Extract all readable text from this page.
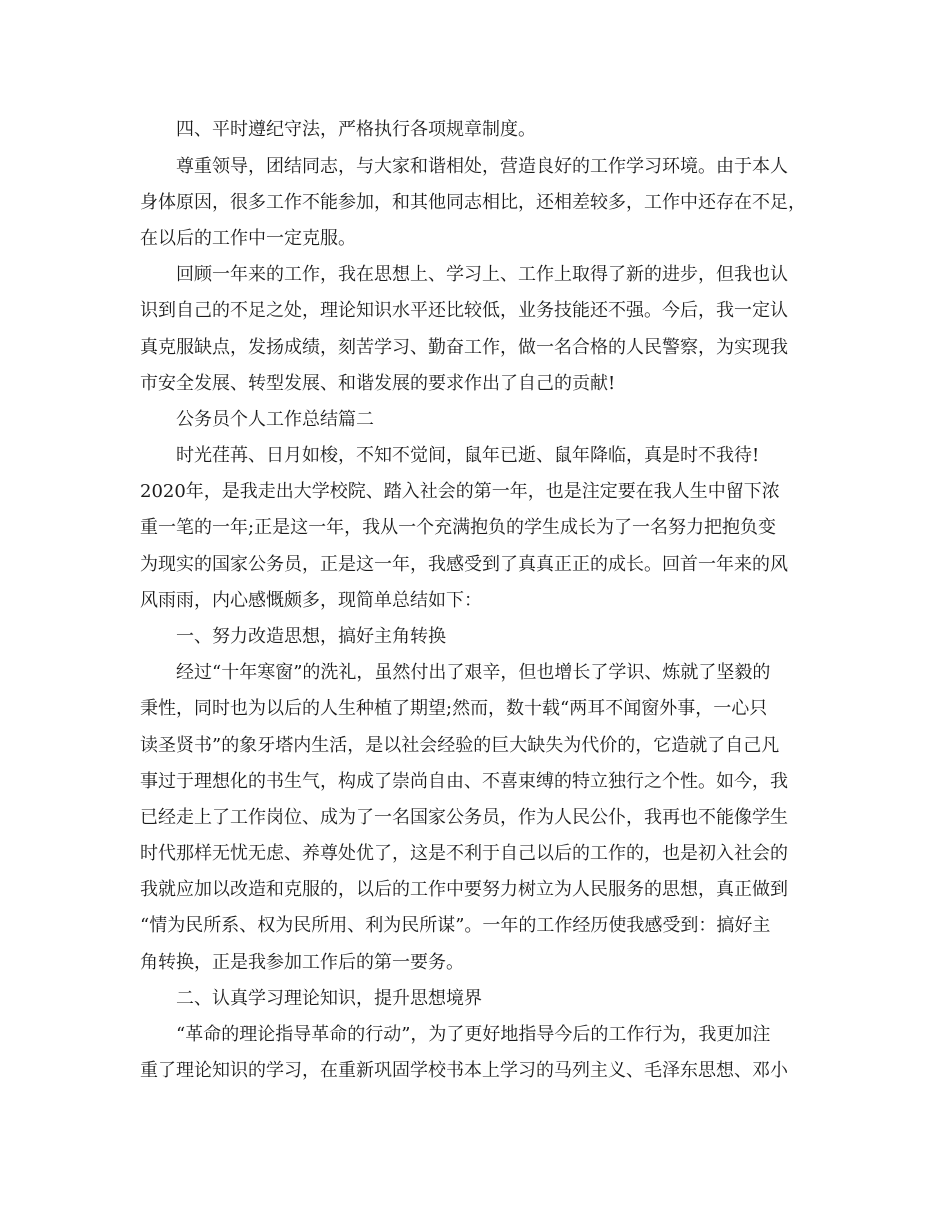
四、平时遵纪守法，严格执行各项规章制度。
尊重领导，团结同志，与大家和谐相处，营造良好的工作学习环境。由于本人
身体原因，很多工作不能参加，和其他同志相比，还相差较多，工作中还存在不足，
在以后的工作中一定克服。
回顾一年来的工作，我在思想上、学习上、工作上取得了新的进步，但我也认
识到自己的不足之处，理论知识水平还比较低，业务技能还不强。今后，我一定认
真克服缺点，发扬成绩，刻苦学习、勤奋工作，做一名合格的人民警察，为实现我
市安全发展、转型发展、和谐发展的要求作出了自己的贡献!
公务员个人工作总结篇二
时光荏苒、日月如梭，不知不觉间，鼠年已逝、鼠年降临，真是时不我待!
2020年，是我走出大学校院、踏入社会的第一年，也是注定要在我人生中留下浓
重一笔的一年;正是这一年，我从一个充满抱负的学生成长为了一名努力把抱负变
为现实的国家公务员，正是这一年，我感受到了真真正正的成长。回首一年来的风
风雨雨，内心感慨颇多，现简单总结如下：
一、努力改造思想，搞好主角转换
经过“十年寒窗”的洗礼，虽然付出了艰辛，但也增长了学识、炼就了坚毅的
秉性，同时也为以后的人生种植了期望;然而，数十载“两耳不闻窗外事，一心只
读圣贤书”的象牙塔内生活，是以社会经验的巨大缺失为代价的，它造就了自己凡
事过于理想化的书生气，构成了崇尚自由、不喜束缚的特立独行之个性。如今，我
已经走上了工作岗位、成为了一名国家公务员，作为人民公仆，我再也不能像学生
时代那样无忧无虑、养尊处优了，这是不利于自己以后的工作的，也是初入社会的
我就应加以改造和克服的，以后的工作中要努力树立为人民服务的思想，真正做到
“情为民所系、权为民所用、利为民所谋”。一年的工作经历使我感受到：搞好主
角转换，正是我参加工作后的第一要务。
二、认真学习理论知识，提升思想境界
“革命的理论指导革命的行动”，为了更好地指导今后的工作行为，我更加注
重了理论知识的学习，在重新巩固学校书本上学习的马列主义、毛泽东思想、邓小
